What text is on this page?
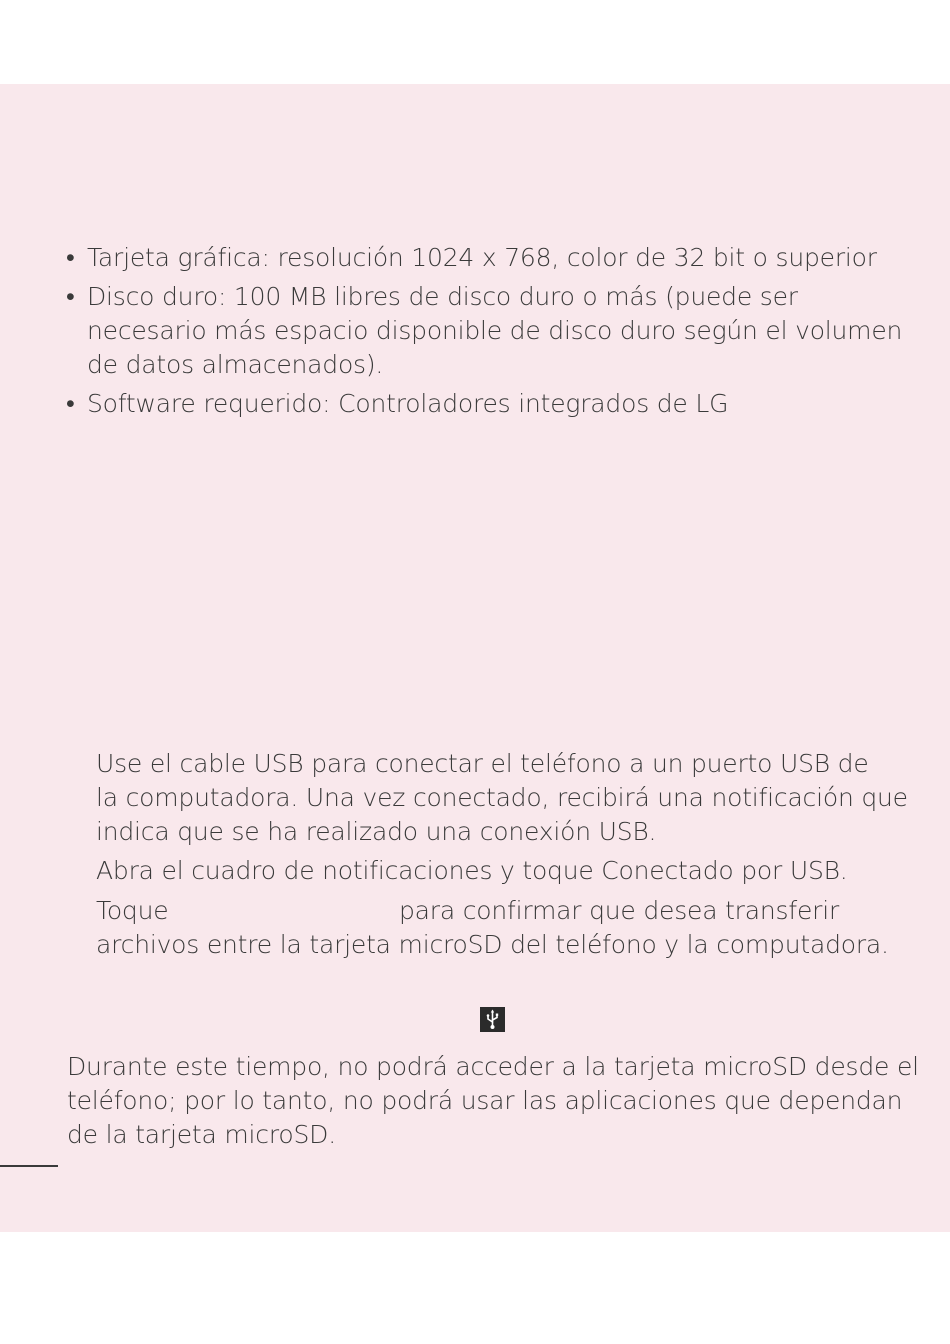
• Tarjeta gráfica: resolución 1024 x 768, color de 32 bit o superior
• Disco duro: 100 MB libres de disco duro o más (puede ser
necesario más espacio disponible de disco duro según el volumen
de datos almacenados).
• Software requerido: Controladores integrados de LG
Use el cable USB para conectar el teléfono a un puerto USB de
la computadora. Una vez conectado, recibirá una notificación que
indica que se ha realizado una conexión USB.
Abra el cuadro de notificaciones y toque Conectado por USB.
Toque	para confirmar que desea transferir
archivos entre la tarjeta microSD del teléfono y la computadora.
Durante este tiempo, no podrá acceder a la tarjeta microSD desde el
teléfono; por lo tanto, no podrá usar las aplicaciones que dependan
de la tarjeta microSD.
